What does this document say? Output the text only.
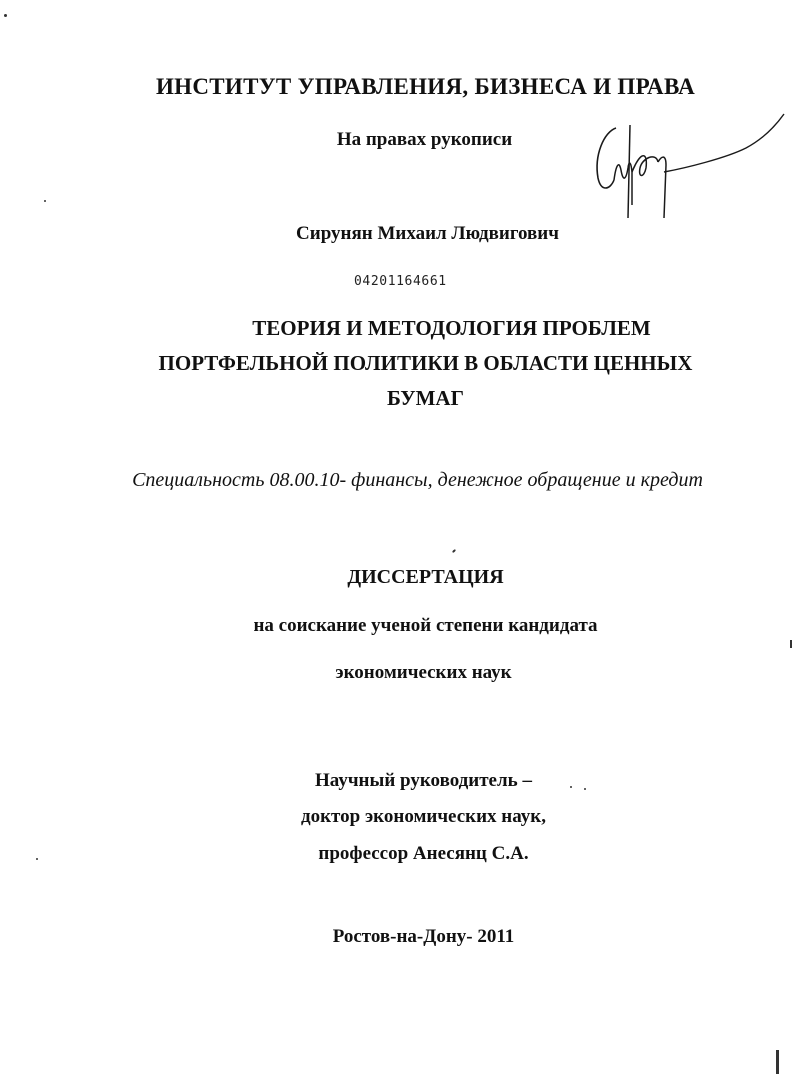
ИНСТИТУТ УПРАВЛЕНИЯ, БИЗНЕСА И ПРАВА
На правах рукописи
Сирунян Михаил Людвигович
04201164661
ТЕОРИЯ И МЕТОДОЛОГИЯ ПРОБЛЕМ
ПОРТФЕЛЬНОЙ ПОЛИТИКИ В ОБЛАСТИ ЦЕННЫХ
БУМАГ
Специальность 08.00.10- финансы, денежное обращение и кредит
ДИССЕРТАЦИЯ
на соискание ученой степени кандидата
экономических наук
Научный руководитель –
доктор экономических наук,
профессор Анесянц С.А.
Ростов-на-Дону- 2011
